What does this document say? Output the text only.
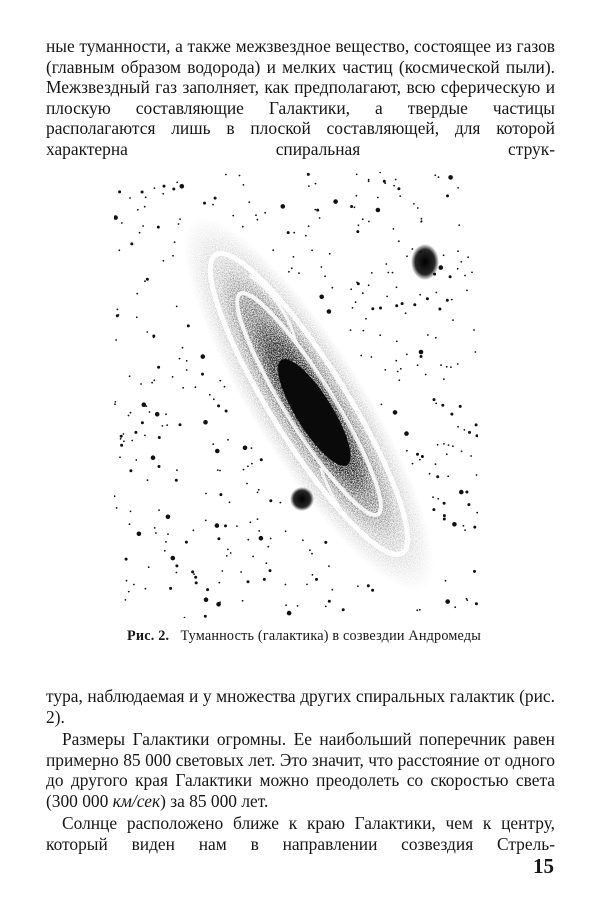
ные туманности, а также межзвездное вещество, состоящее из газов (главным образом водорода) и мелких частиц (космической пыли). Межзвездный газ заполняет, как предполагают, всю сферическую и плоскую составляющие Галактики, а твердые частицы располагаются лишь в плоской составляющей, для которой характерна спиральная струк-

Рис. 2. Туманность (галактика) в созвездии Андромеды

тура, наблюдаемая и у множества других спиральных галактик (рис. 2).

Размеры Галактики огромны. Ее наибольший поперечник равен примерно 85 000 световых лет. Это значит, что расстояние от одного до другого края Галактики можно преодолеть со скоростью света (300 000 км/сек) за 85 000 лет.

Солнце расположено ближе к краю Галактики, чем к центру, который виден нам в направлении созвездия Стрель-

15
